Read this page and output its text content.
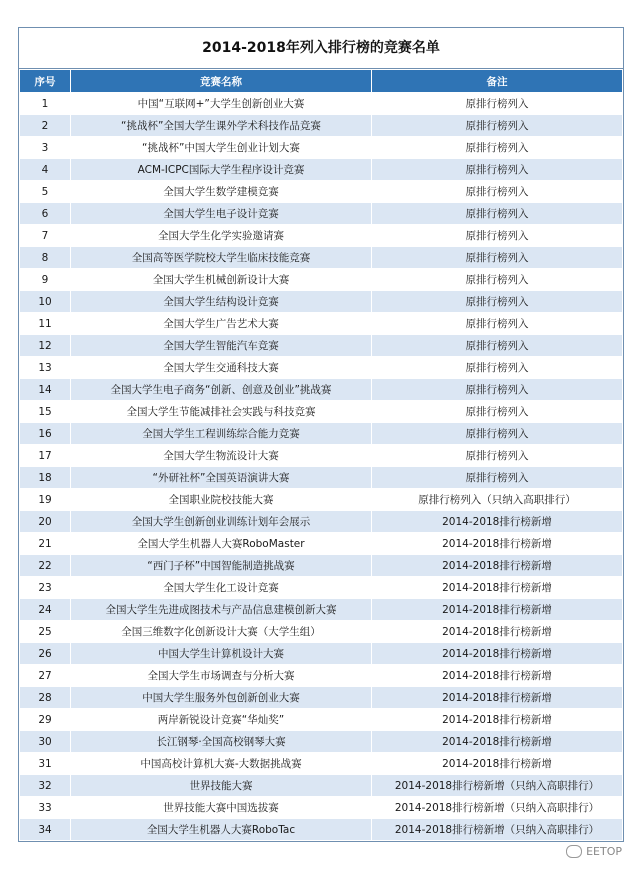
2014-2018年列入排行榜的竞赛名单
序号	竞赛名称	备注
1	中国“互联网+”大学生创新创业大赛	原排行榜列入
2	“挑战杯”全国大学生课外学术科技作品竞赛	原排行榜列入
3	“挑战杯”中国大学生创业计划大赛	原排行榜列入
4	ACM-ICPC国际大学生程序设计竞赛	原排行榜列入
5	全国大学生数学建模竞赛	原排行榜列入
6	全国大学生电子设计竞赛	原排行榜列入
7	全国大学生化学实验邀请赛	原排行榜列入
8	全国高等医学院校大学生临床技能竞赛	原排行榜列入
9	全国大学生机械创新设计大赛	原排行榜列入
10	全国大学生结构设计竞赛	原排行榜列入
11	全国大学生广告艺术大赛	原排行榜列入
12	全国大学生智能汽车竞赛	原排行榜列入
13	全国大学生交通科技大赛	原排行榜列入
14	全国大学生电子商务“创新、创意及创业”挑战赛	原排行榜列入
15	全国大学生节能减排社会实践与科技竞赛	原排行榜列入
16	全国大学生工程训练综合能力竞赛	原排行榜列入
17	全国大学生物流设计大赛	原排行榜列入
18	“外研社杯”全国英语演讲大赛	原排行榜列入
19	全国职业院校技能大赛	原排行榜列入（只纳入高职排行）
20	全国大学生创新创业训练计划年会展示	2014-2018排行榜新增
21	全国大学生机器人大赛RoboMaster	2014-2018排行榜新增
22	“西门子杯”中国智能制造挑战赛	2014-2018排行榜新增
23	全国大学生化工设计竞赛	2014-2018排行榜新增
24	全国大学生先进成图技术与产品信息建模创新大赛	2014-2018排行榜新增
25	全国三维数字化创新设计大赛（大学生组）	2014-2018排行榜新增
26	中国大学生计算机设计大赛	2014-2018排行榜新增
27	全国大学生市场调查与分析大赛	2014-2018排行榜新增
28	中国大学生服务外包创新创业大赛	2014-2018排行榜新增
29	两岸新锐设计竞赛“华灿奖”	2014-2018排行榜新增
30	长江钢琴·全国高校钢琴大赛	2014-2018排行榜新增
31	中国高校计算机大赛-大数据挑战赛	2014-2018排行榜新增
32	世界技能大赛	2014-2018排行榜新增（只纳入高职排行）
33	世界技能大赛中国选拔赛	2014-2018排行榜新增（只纳入高职排行）
34	全国大学生机器人大赛RoboTac	2014-2018排行榜新增（只纳入高职排行）
EETOP
